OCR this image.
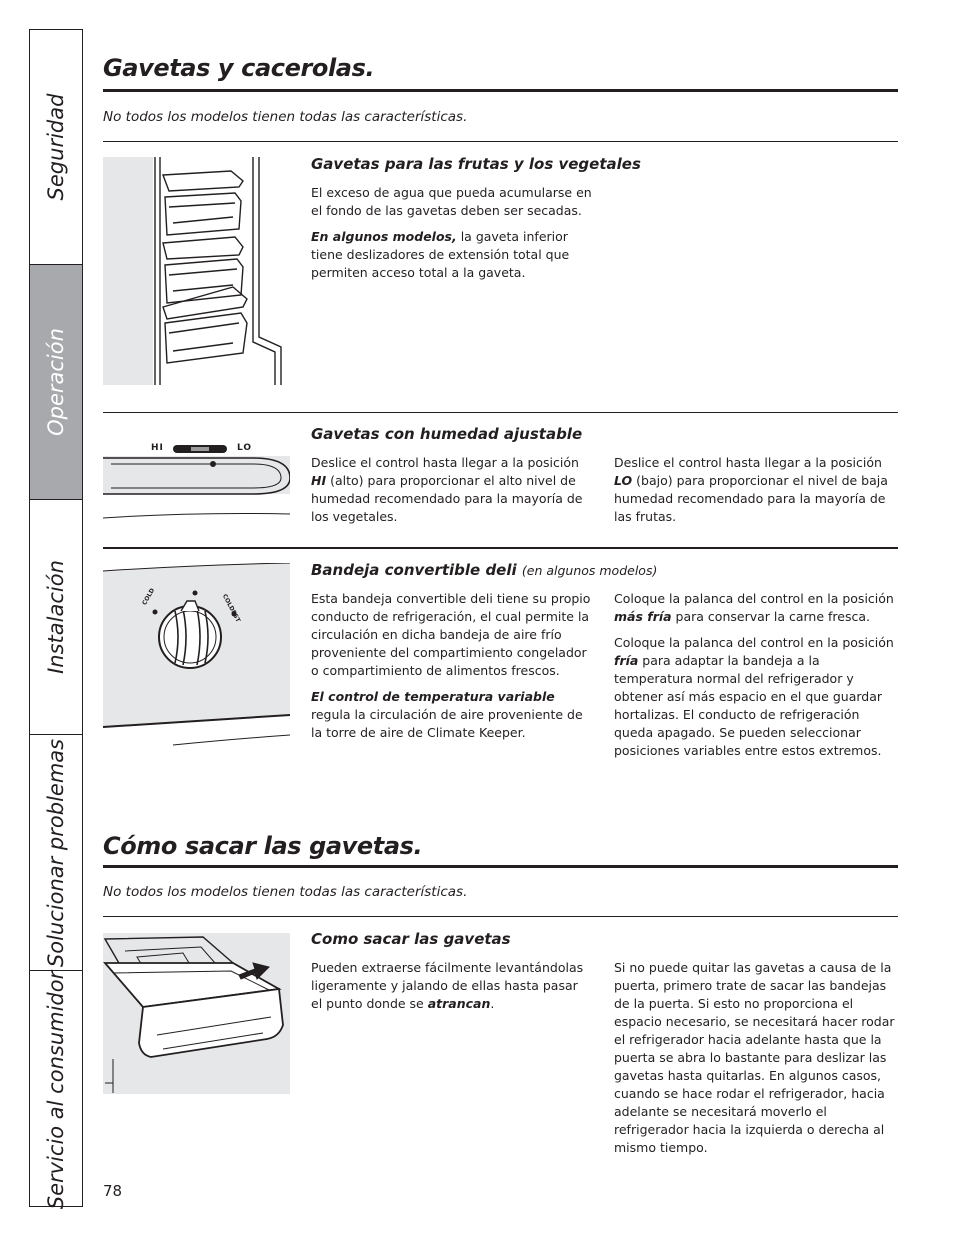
Seguridad
Operación
Instalación
Solucionar problemas
Servicio al consumidor
Gavetas y cacerolas.
No todos los modelos tienen todas las características.
Gavetas para las frutas y los vegetales

El exceso de agua que pueda acumularse en el fondo de las gavetas deben ser secadas.

En algunos modelos, la gaveta inferior tiene deslizadores de extensión total que permiten acceso total a la gaveta.

HI	LO
Gavetas con humedad ajustable

Deslice el control hasta llegar a la posición HI (alto) para proporcionar el alto nivel de humedad recomendado para la mayoría de los vegetales.

Deslice el control hasta llegar a la posición LO (bajo) para proporcionar el nivel de baja humedad recomendado para la mayoría de las frutas.

COLD	COLDEST
Bandeja convertible deli (en algunos modelos)

Esta bandeja convertible deli tiene su propio conducto de refrigeración, el cual permite la circulación en dicha bandeja de aire frío proveniente del compartimiento congelador o compartimiento de alimentos frescos.

El control de temperatura variable regula la circulación de aire proveniente de la torre de aire de Climate Keeper.

Coloque la palanca del control en la posición más fría para conservar la carne fresca.

Coloque la palanca del control en la posición fría para adaptar la bandeja a la temperatura normal del refrigerador y obtener así más espacio en el que guardar hortalizas. El conducto de refrigeración queda apagado. Se pueden seleccionar posiciones variables entre estos extremos.

Cómo sacar las gavetas.
No todos los modelos tienen todas las características.
Como sacar las gavetas

Pueden extraerse fácilmente levantándolas ligeramente y jalando de ellas hasta pasar el punto donde se atrancan.

Si no puede quitar las gavetas a causa de la puerta, primero trate de sacar las bandejas de la puerta. Si esto no proporciona el espacio necesario, se necesitará hacer rodar el refrigerador hacia adelante hasta que la puerta se abra lo bastante para deslizar las gavetas hasta quitarlas. En algunos casos, cuando se hace rodar el refrigerador, hacia adelante se necesitará moverlo el refrigerador hacia la izquierda o derecha al mismo tiempo.

78
